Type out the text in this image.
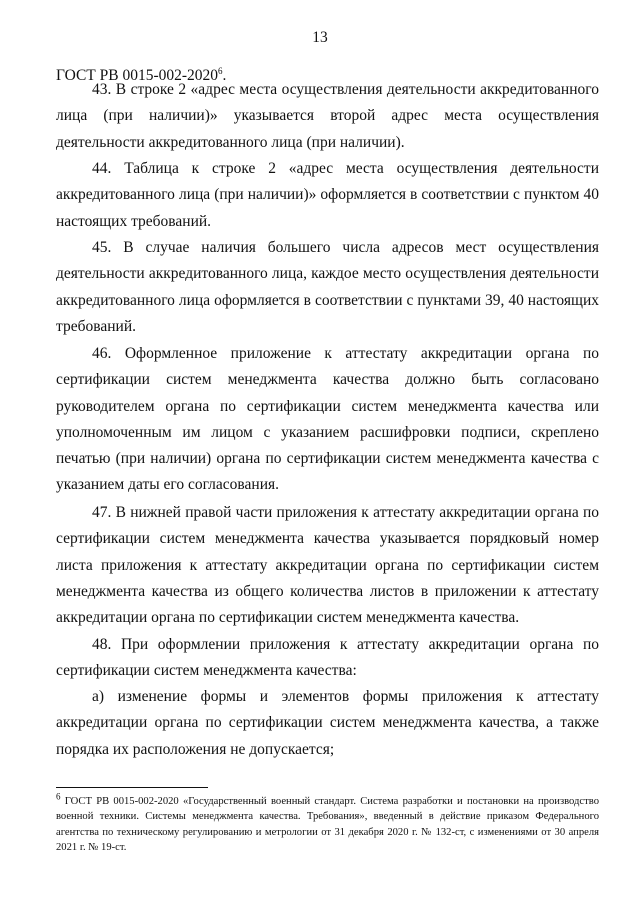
13
ГОСТ РВ 0015-002-2020$^6$.

43. В строке 2 «адрес места осуществления деятельности аккредитованного лица (при наличии)» указывается второй адрес места осуществления деятельности аккредитованного лица (при наличии).

44. Таблица к строке 2 «адрес места осуществления деятельности аккредитованного лица (при наличии)» оформляется в соответствии с пунктом 40 настоящих требований.

45. В случае наличия большего числа адресов мест осуществления деятельности аккредитованного лица, каждое место осуществления деятельности аккредитованного лица оформляется в соответствии с пунктами 39, 40 настоящих требований.

46. Оформленное приложение к аттестату аккредитации органа по сертификации систем менеджмента качества должно быть согласовано руководителем органа по сертификации систем менеджмента качества или уполномоченным им лицом с указанием расшифровки подписи, скреплено печатью (при наличии) органа по сертификации систем менеджмента качества с указанием даты его согласования.

47. В нижней правой части приложения к аттестату аккредитации органа по сертификации систем менеджмента качества указывается порядковый номер листа приложения к аттестату аккредитации органа по сертификации систем менеджмента качества из общего количества листов в приложении к аттестату аккредитации органа по сертификации систем менеджмента качества.

48. При оформлении приложения к аттестату аккредитации органа по сертификации систем менеджмента качества:

а) изменение формы и элементов формы приложения к аттестату аккредитации органа по сертификации систем менеджмента качества, а также порядка их расположения не допускается;

$^6$ ГОСТ РВ 0015-002-2020 «Государственный военный стандарт. Система разработки и постановки на производство военной техники. Системы менеджмента качества. Требования», введенный в действие приказом Федерального агентства по техническому регулированию и метрологии от 31 декабря 2020 г. № 132-ст, с изменениями от 30 апреля 2021 г. № 19-ст.
